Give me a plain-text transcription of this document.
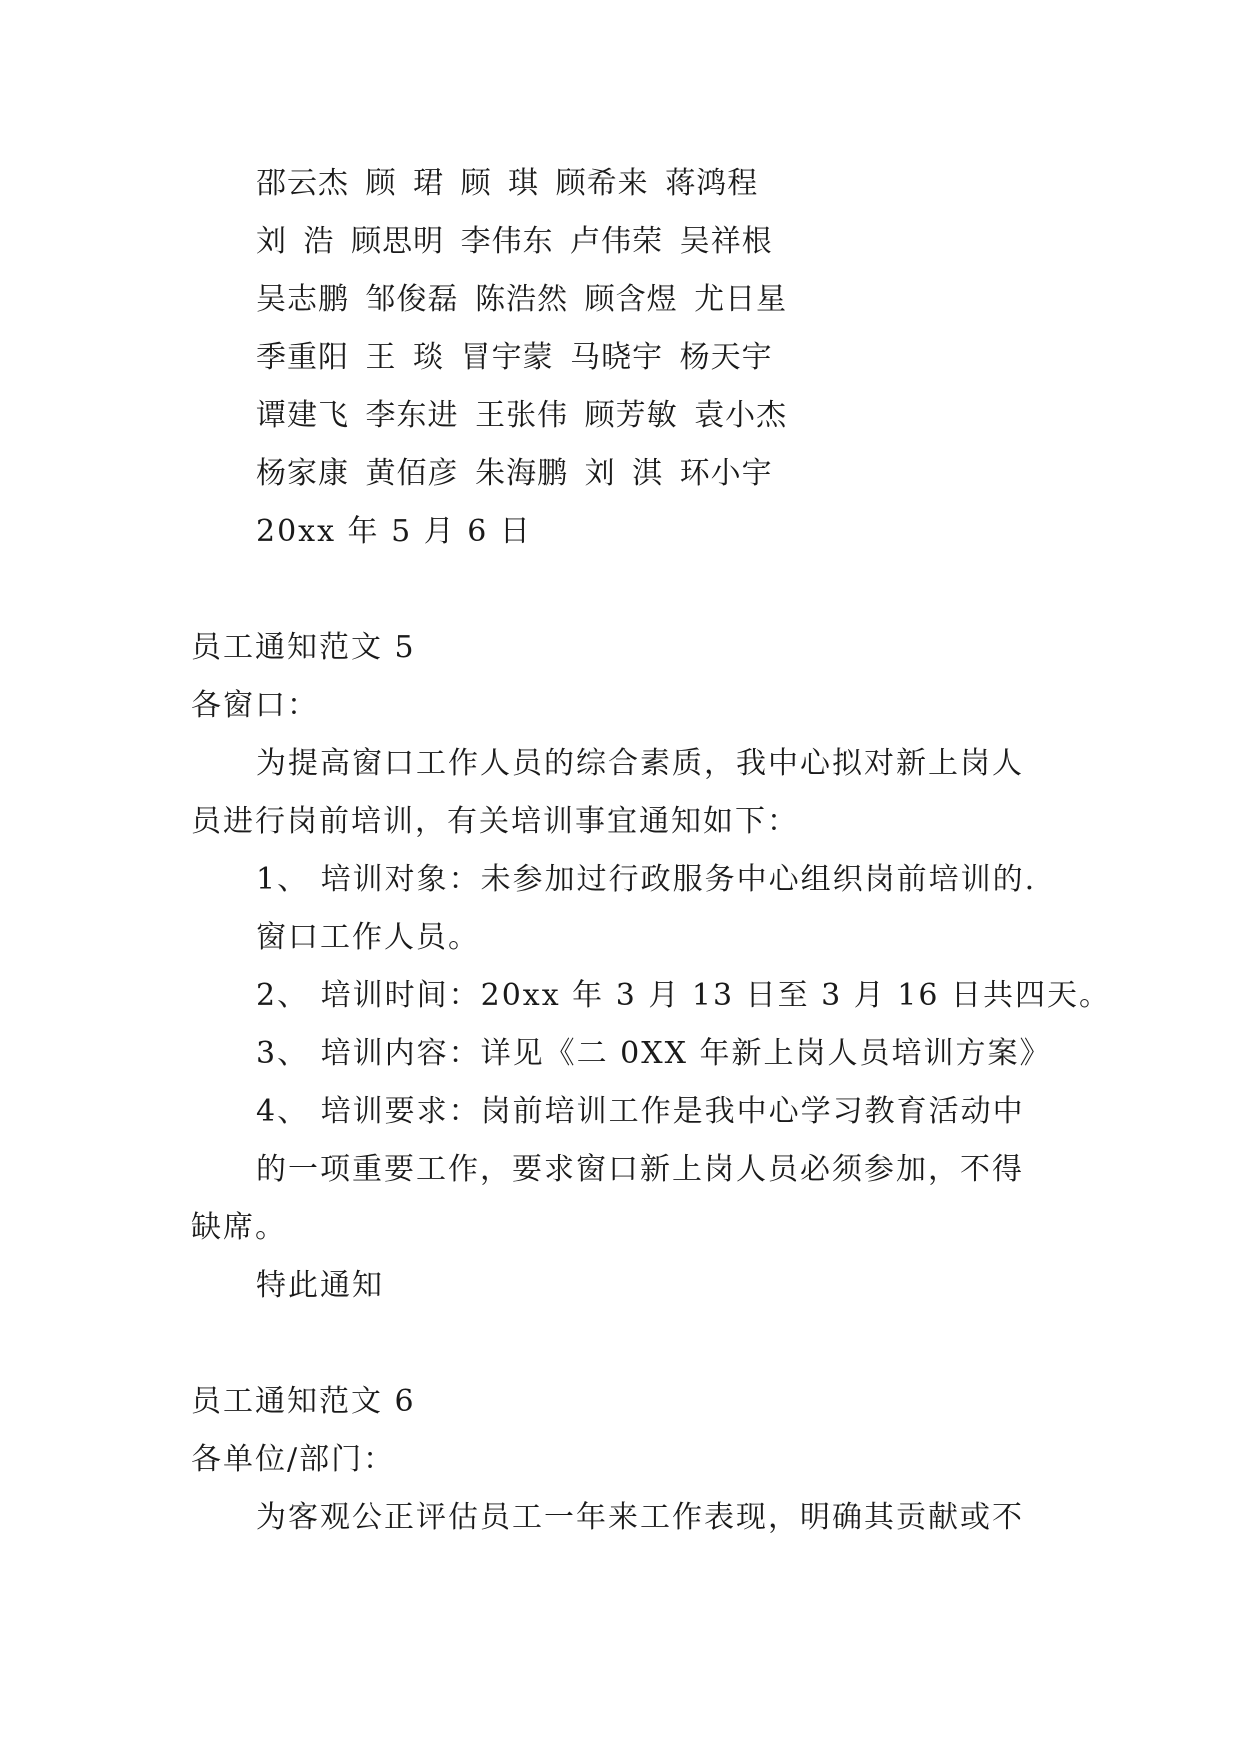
邵云杰 顾 珺 顾 琪 顾希来 蒋鸿程
刘 浩 顾思明 李伟东 卢伟荣 吴祥根
吴志鹏 邹俊磊 陈浩然 顾含煜 尤日星
季重阳 王 琰 冒宇蒙 马晓宇 杨天宇
谭建飞 李东进 王张伟 顾芳敏 袁小杰
杨家康 黄佰彦 朱海鹏 刘 淇 环小宇
20xx 年 5 月 6 日
员工通知范文 5
各窗口：
为提高窗口工作人员的综合素质，我中心拟对新上岗人
员进行岗前培训，有关培训事宜通知如下：
1、 培训对象：未参加过行政服务中心组织岗前培训的.
窗口工作人员。
2、 培训时间：20xx 年 3 月 13 日至 3 月 16 日共四天。
3、 培训内容：详见《二 0XX 年新上岗人员培训方案》
4、 培训要求：岗前培训工作是我中心学习教育活动中
的一项重要工作，要求窗口新上岗人员必须参加，不得
缺席。
特此通知
员工通知范文 6
各单位/部门：
为客观公正评估员工一年来工作表现，明确其贡献或不
